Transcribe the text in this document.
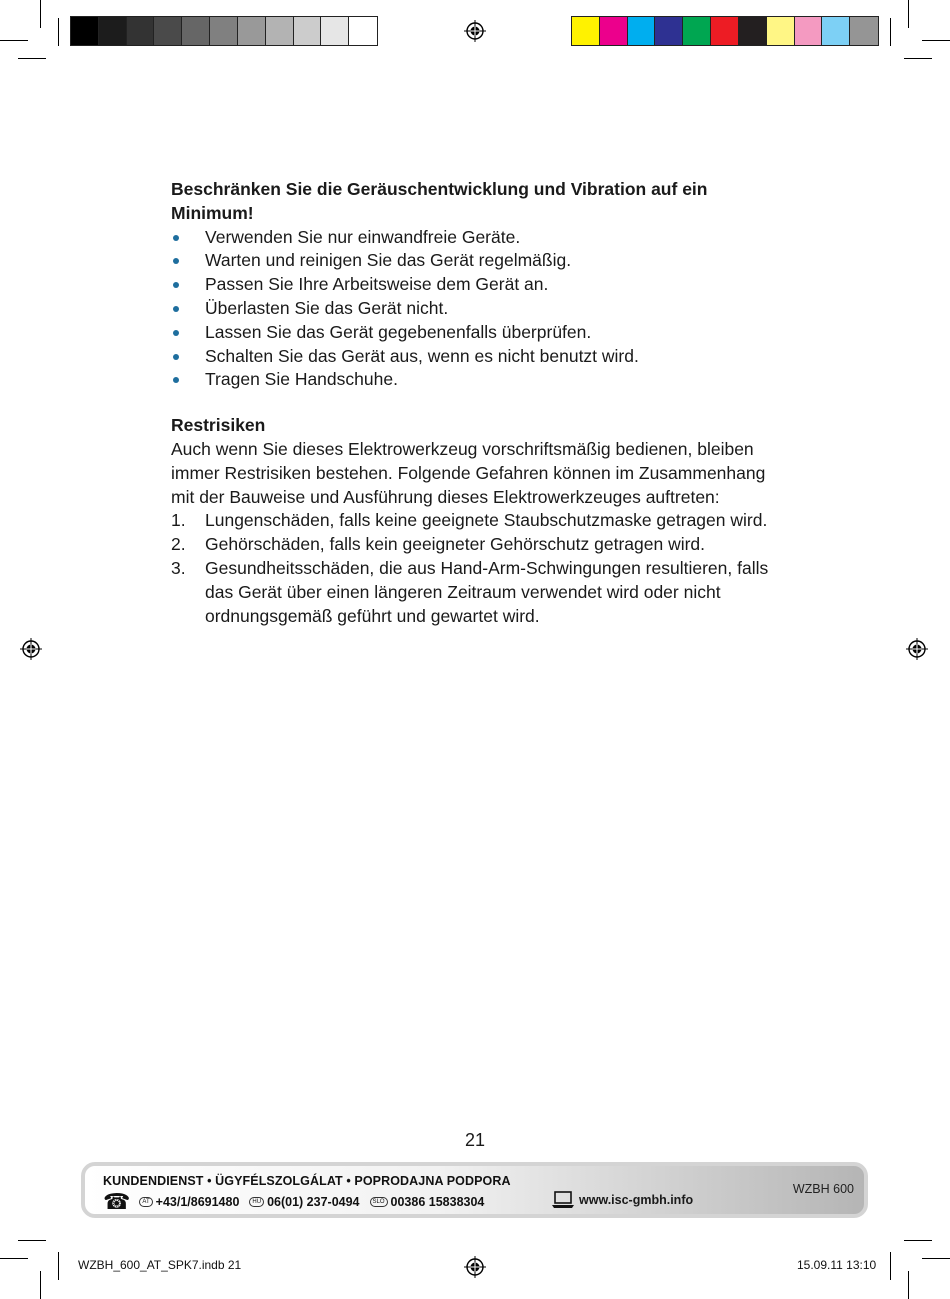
Beschränken Sie die Geräuschentwicklung und Vibration auf ein Minimum!

Verwenden Sie nur einwandfreie Geräte.
Warten und reinigen Sie das Gerät regelmäßig.
Passen Sie Ihre Arbeitsweise dem Gerät an.
Überlasten Sie das Gerät nicht.
Lassen Sie das Gerät gegebenenfalls überprüfen.
Schalten Sie das Gerät aus, wenn es nicht benutzt wird.
Tragen Sie Handschuhe.

Restrisiken

Auch wenn Sie dieses Elektrowerkzeug vorschriftsmäßig bedienen, bleiben immer Restrisiken bestehen. Folgende Gefahren können im Zusammenhang mit der Bauweise und Ausführung dieses Elektrowerkzeuges auftreten:

1. Lungenschäden, falls keine geeignete Staubschutzmaske getragen wird.
2. Gehörschäden, falls kein geeigneter Gehörschutz getragen wird.
3. Gesundheitsschäden, die aus Hand-Arm-Schwingungen resultieren, falls das Gerät über einen längeren Zeitraum verwendet wird oder nicht ordnungsgemäß geführt und gewartet wird.
21
KUNDENDIENST • ÜGYFÉLSZOLGÁLAT • POPRODAJNA PODPORA
☎	AT +43/1/8691480	HU 06(01) 237-0494	SLO 00386 15838304	www.isc-gmbh.info
WZBH 600
WZBH_600_AT_SPK7.indb 21	15.09.11 13:10
